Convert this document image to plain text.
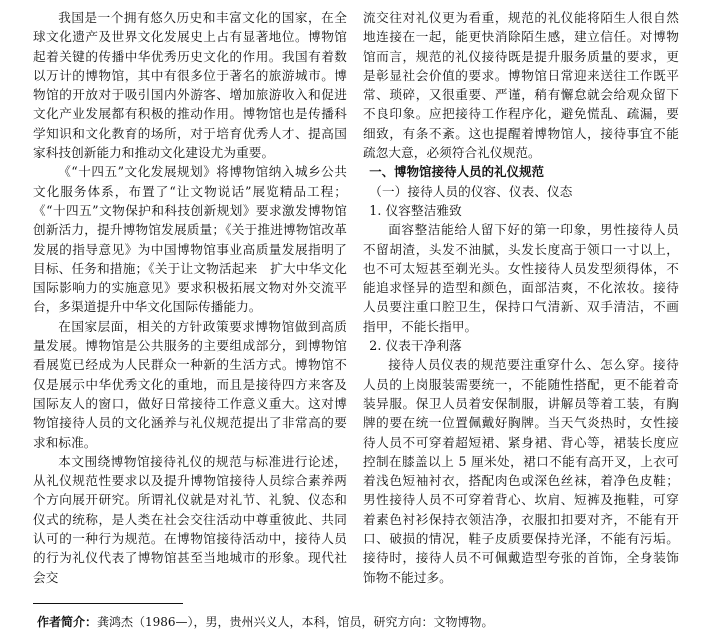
我国是一个拥有悠久历史和丰富文化的国家，在全球文化遗产及世界文化发展史上占有显著地位。博物馆起着关键的传播中华优秀历史文化的作用。我国有着数以万计的博物馆，其中有很多位于著名的旅游城市。博物馆的开放对于吸引国内外游客、增加旅游收入和促进文化产业发展都有积极的推动作用。博物馆也是传播科学知识和文化教育的场所，对于培育优秀人才、提高国家科技创新能力和推动文化建设尤为重要。

《“十四五”文化发展规划》将博物馆纳入城乡公共文化服务体系，布置了“让文物说话”展览精品工程；《“十四五”文物保护和科技创新规划》要求激发博物馆创新活力，提升博物馆发展质量；《关于推进博物馆改革发展的指导意见》为中国博物馆事业高质量发展指明了目标、任务和措施；《关于让文物活起来　扩大中华文化国际影响力的实施意见》要求积极拓展文物对外交流平台，多渠道提升中华文化国际传播能力。

在国家层面，相关的方针政策要求博物馆做到高质量发展。博物馆是公共服务的主要组成部分，到博物馆看展览已经成为人民群众一种新的生活方式。博物馆不仅是展示中华优秀文化的重地，而且是接待四方来客及国际友人的窗口，做好日常接待工作意义重大。这对博物馆接待人员的文化涵养与礼仪规范提出了非常高的要求和标准。

本文围绕博物馆接待礼仪的规范与标准进行论述，从礼仪规范性要求以及提升博物馆接待人员综合素养两个方向展开研究。所谓礼仪就是对礼节、礼貌、仪态和仪式的统称，是人类在社会交往活动中尊重彼此、共同认可的一种行为规范。在博物馆接待活动中，接待人员的行为礼仪代表了博物馆甚至当地城市的形象。现代社会交

流交往对礼仪更为看重，规范的礼仪能将陌生人很自然地连接在一起，能更快消除陌生感，建立信任。对博物馆而言，规范的礼仪接待既是提升服务质量的要求，更是彰显社会价值的要求。博物馆日常迎来送往工作既平常、琐碎，又很重要、严谨，稍有懈怠就会给观众留下不良印象。应把接待工作程序化，避免慌乱、疏漏，要细致，有条不紊。这也提醒着博物馆人，接待事宜不能疏忽大意，必须符合礼仪规范。

一、博物馆接待人员的礼仪规范

（一）接待人员的仪容、仪表、仪态

1. 仪容整洁雅致

面容整洁能给人留下好的第一印象，男性接待人员不留胡渣，头发不油腻，头发长度高于领口一寸以上，也不可太短甚至剃光头。女性接待人员发型须得体，不能追求怪异的造型和颜色，面部洁爽，不化浓妆。接待人员要注重口腔卫生，保持口气清新、双手清洁，不画指甲，不能长指甲。

2. 仪表干净利落

接待人员仪表的规范要注重穿什么、怎么穿。接待人员的上岗服装需要统一，不能随性搭配，更不能着奇装异服。保卫人员着安保制服，讲解员等着工装，有胸牌的要在统一位置佩戴好胸牌。当天气炎热时，女性接待人员不可穿着超短裙、紧身裙、背心等，裙装长度应控制在膝盖以上 5 厘米处，裙口不能有高开叉，上衣可着浅色短袖衬衣，搭配肉色或深色丝袜，着净色皮鞋；男性接待人员不可穿着背心、坎肩、短裤及拖鞋，可穿着素色衬衫保持衣领洁净，衣服扣扣要对齐，不能有开口、破损的情况，鞋子皮质要保持光泽，不能有污垢。接待时，接待人员不可佩戴造型夸张的首饰，全身装饰饰物不能过多。

作者简介：龚鸿杰（1986—），男，贵州兴义人，本科，馆员，研究方向：文物博物。
